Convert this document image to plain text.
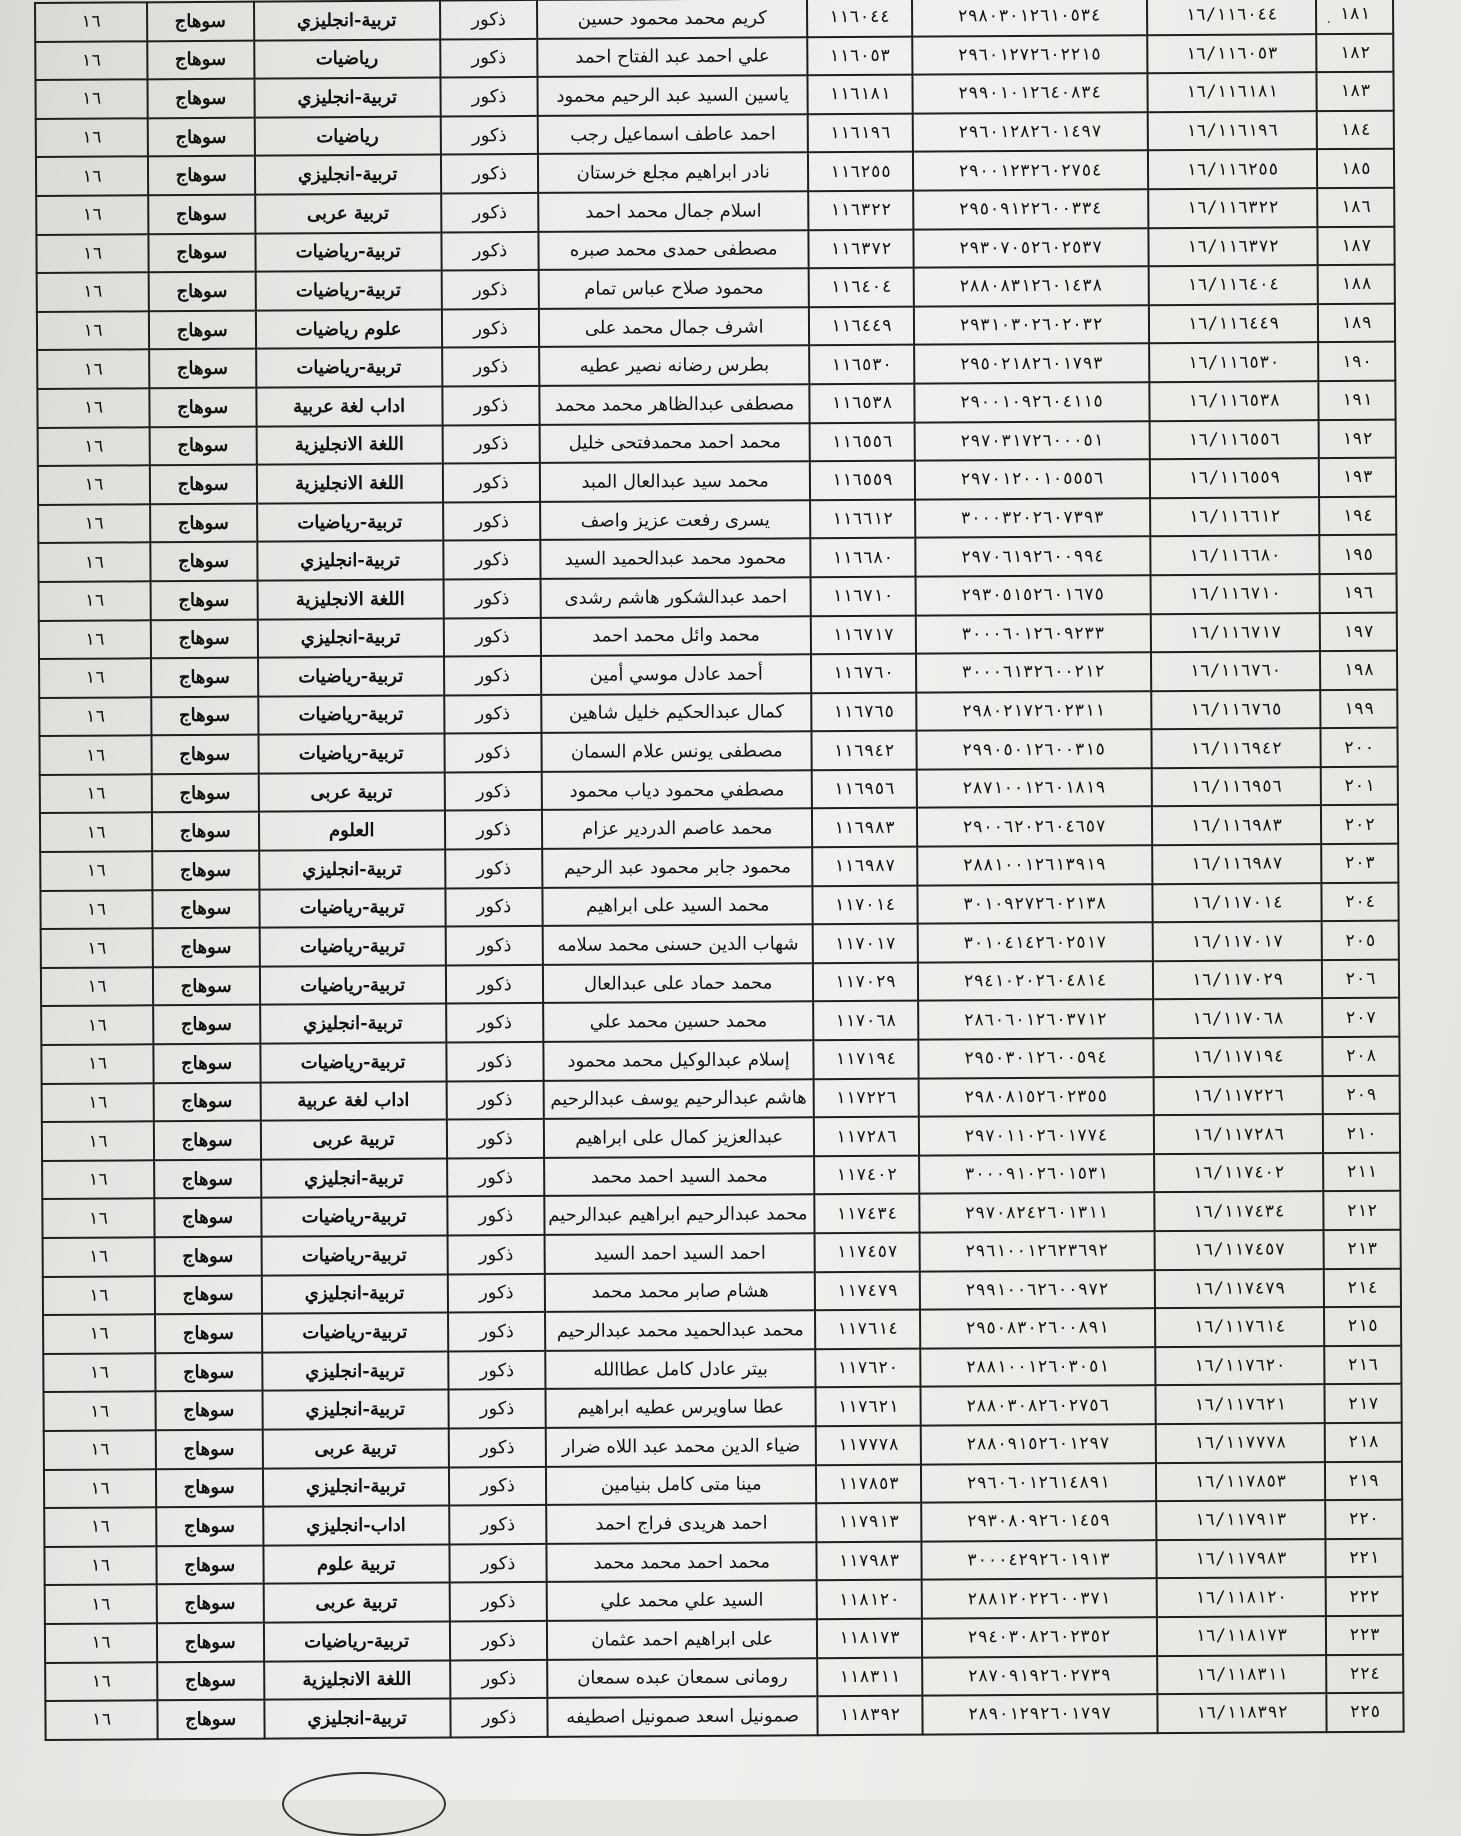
٠ ١٨١	١٦/١١٦٠٤٤	٢٩٨٠٣٠١٢٦١٠٥٣٤	١١٦٠٤٤	كريم محمد محمود حسين	ذكور	تربية-انجليزي	سوهاج	١٦
١٨٢	١٦/١١٦٠٥٣	٢٩٦٠١٢٧٢٦٠٢٢١٥	١١٦٠٥٣	علي احمد عبد الفتاح احمد	ذكور	رياضيات	سوهاج	١٦
١٨٣	١٦/١١٦١٨١	٢٩٩٠١٠١٢٦٤٠٨٣٤	١١٦١٨١	ياسين السيد عبد الرحيم محمود	ذكور	تربية-انجليزي	سوهاج	١٦
١٨٤	١٦/١١٦١٩٦	٢٩٦٠١٢٨٢٦٠١٤٩٧	١١٦١٩٦	احمد عاطف اسماعيل رجب	ذكور	رياضيات	سوهاج	١٦
١٨٥	١٦/١١٦٢٥٥	٢٩٠٠١٢٣٢٦٠٢٧٥٤	١١٦٢٥٥	نادر ابراهيم مجلع خرستان	ذكور	تربية-انجليزي	سوهاج	١٦
١٨٦	١٦/١١٦٣٢٢	٢٩٥٠٩١٢٢٦٠٠٣٣٤	١١٦٣٢٢	اسلام جمال محمد احمد	ذكور	تربية عربى	سوهاج	١٦
١٨٧	١٦/١١٦٣٧٢	٢٩٣٠٧٠٥٢٦٠٢٥٣٧	١١٦٣٧٢	مصطفى حمدى محمد صبره	ذكور	تربية-رياضيات	سوهاج	١٦
١٨٨	١٦/١١٦٤٠٤	٢٨٨٠٨٣١٢٦٠١٤٣٨	١١٦٤٠٤	محمود صلاح عباس تمام	ذكور	تربية-رياضيات	سوهاج	١٦
١٨٩	١٦/١١٦٤٤٩	٢٩٣١٠٣٠٢٦٠٢٠٣٢	١١٦٤٤٩	اشرف جمال محمد على	ذكور	علوم رياضيات	سوهاج	١٦
١٩٠	١٦/١١٦٥٣٠	٢٩٥٠٢١٨٢٦٠١٧٩٣	١١٦٥٣٠	بطرس رضانه نصير عطيه	ذكور	تربية-رياضيات	سوهاج	١٦
١٩١	١٦/١١٦٥٣٨	٢٩٠٠١٠٩٢٦٠٤١١٥	١١٦٥٣٨	مصطفى عبدالظاهر محمد محمد	ذكور	اداب لغة عربية	سوهاج	١٦
١٩٢	١٦/١١٦٥٥٦	٢٩٧٠٣١٧٢٦٠٠٠٥١	١١٦٥٥٦	محمد احمد محمدفتحى خليل	ذكور	اللغة الانجليزية	سوهاج	١٦
١٩٣	١٦/١١٦٥٥٩	٢٩٧٠١٢٠٠١٠٥٥٥٦	١١٦٥٥٩	محمد سيد عبدالعال المبد	ذكور	اللغة الانجليزية	سوهاج	١٦
١٩٤	١٦/١١٦٦١٢	٣٠٠٠٣٢٠٢٦٠٧٣٩٣	١١٦٦١٢	يسرى رفعت عزيز واصف	ذكور	تربية-رياضيات	سوهاج	١٦
١٩٥	١٦/١١٦٦٨٠	٢٩٧٠٦١٩٢٦٠٠٩٩٤	١١٦٦٨٠	محمود محمد عبدالحميد السيد	ذكور	تربية-انجليزي	سوهاج	١٦
١٩٦	١٦/١١٦٧١٠	٢٩٣٠٥١٥٢٦٠١٦٧٥	١١٦٧١٠	احمد عبدالشكور هاشم رشدى	ذكور	اللغة الانجليزية	سوهاج	١٦
١٩٧	١٦/١١٦٧١٧	٣٠٠٠٦٠١٢٦٠٩٢٣٣	١١٦٧١٧	محمد وائل محمد احمد	ذكور	تربية-انجليزي	سوهاج	١٦
١٩٨	١٦/١١٦٧٦٠	٣٠٠٠٦١٣٢٦٠٠٢١٢	١١٦٧٦٠	أحمد عادل موسي أمين	ذكور	تربية-رياضيات	سوهاج	١٦
١٩٩	١٦/١١٦٧٦٥	٢٩٨٠٢١٧٢٦٠٢٣١١	١١٦٧٦٥	كمال عبدالحكيم خليل شاهين	ذكور	تربية-رياضيات	سوهاج	١٦
٢٠٠	١٦/١١٦٩٤٢	٢٩٩٠٥٠١٢٦٠٠٣١٥	١١٦٩٤٢	مصطفى يونس علام السمان	ذكور	تربية-رياضيات	سوهاج	١٦
٢٠١	١٦/١١٦٩٥٦	٢٨٧١٠٠١٢٦٠١٨١٩	١١٦٩٥٦	مصطفي محمود دياب محمود	ذكور	تربية عربى	سوهاج	١٦
٢٠٢	١٦/١١٦٩٨٣	٢٩٠٠٦٢٠٢٦٠٤٦٥٧	١١٦٩٨٣	محمد عاصم الدردير عزام	ذكور	العلوم	سوهاج	١٦
٢٠٣	١٦/١١٦٩٨٧	٢٨٨١٠٠١٢٦١٣٩١٩	١١٦٩٨٧	محمود جابر محمود عبد الرحيم	ذكور	تربية-انجليزي	سوهاج	١٦
٢٠٤	١٦/١١٧٠١٤	٣٠١٠٩٢٧٢٦٠٢١٣٨	١١٧٠١٤	محمد السيد على ابراهيم	ذكور	تربية-رياضيات	سوهاج	١٦
٢٠٥	١٦/١١٧٠١٧	٣٠١٠٤١٤٢٦٠٢٥١٧	١١٧٠١٧	شهاب الدين حسنى محمد سلامه	ذكور	تربية-رياضيات	سوهاج	١٦
٢٠٦	١٦/١١٧٠٢٩	٢٩٤١٠٢٠٢٦٠٤٨١٤	١١٧٠٢٩	محمد حماد على عبدالعال	ذكور	تربية-رياضيات	سوهاج	١٦
٢٠٧	١٦/١١٧٠٦٨	٢٨٦٠٦٠١٢٦٠٣٧١٢	١١٧٠٦٨	محمد حسين محمد علي	ذكور	تربية-انجليزي	سوهاج	١٦
٢٠٨	١٦/١١٧١٩٤	٢٩٥٠٣٠١٢٦٠٠٥٩٤	١١٧١٩٤	إسلام عبدالوكيل محمد محمود	ذكور	تربية-رياضيات	سوهاج	١٦
٢٠٩	١٦/١١٧٢٢٦	٢٩٨٠٨١٥٢٦٠٢٣٥٥	١١٧٢٢٦	هاشم عبدالرحيم يوسف عبدالرحيم	ذكور	اداب لغة عربية	سوهاج	١٦
٢١٠	١٦/١١٧٢٨٦	٢٩٧٠١١٠٢٦٠١٧٧٤	١١٧٢٨٦	عبدالعزيز كمال على ابراهيم	ذكور	تربية عربى	سوهاج	١٦
٢١١	١٦/١١٧٤٠٢	٣٠٠٠٩١٠٢٦٠١٥٣١	١١٧٤٠٢	محمد السيد احمد محمد	ذكور	تربية-انجليزي	سوهاج	١٦
٢١٢	١٦/١١٧٤٣٤	٢٩٧٠٨٢٤٢٦٠١٣١١	١١٧٤٣٤	محمد عبدالرحيم ابراهيم عبدالرحيم	ذكور	تربية-رياضيات	سوهاج	١٦
٢١٣	١٦/١١٧٤٥٧	٢٩٦١٠٠١٢٦٢٣٦٩٢	١١٧٤٥٧	احمد السيد احمد السيد	ذكور	تربية-رياضيات	سوهاج	١٦
٢١٤	١٦/١١٧٤٧٩	٢٩٩١٠٠٦٢٦٠٠٩٧٢	١١٧٤٧٩	هشام صابر محمد محمد	ذكور	تربية-انجليزي	سوهاج	١٦
٢١٥	١٦/١١٧٦١٤	٢٩٥٠٨٣٠٢٦٠٠٨٩١	١١٧٦١٤	محمد عبدالحميد محمد عبدالرحيم	ذكور	تربية-رياضيات	سوهاج	١٦
٢١٦	١٦/١١٧٦٢٠	٢٨٨١٠٠١٢٦٠٣٠٥١	١١٧٦٢٠	بيتر عادل كامل عطاالله	ذكور	تربية-انجليزي	سوهاج	١٦
٢١٧	١٦/١١٧٦٢١	٢٨٨٠٣٠٨٢٦٠٢٧٥٦	١١٧٦٢١	عطا ساويرس عطيه ابراهيم	ذكور	تربية-انجليزي	سوهاج	١٦
٢١٨	١٦/١١٧٧٧٨	٢٨٨٠٩١٥٢٦٠١٢٩٧	١١٧٧٧٨	ضياء الدين محمد عبد اللاه ضرار	ذكور	تربية عربى	سوهاج	١٦
٢١٩	١٦/١١٧٨٥٣	٢٩٦٠٦٠١٢٦١٤٨٩١	١١٧٨٥٣	مينا متى كامل بنيامين	ذكور	تربية-انجليزي	سوهاج	١٦
٢٢٠	١٦/١١٧٩١٣	٢٩٣٠٨٠٩٢٦٠١٤٥٩	١١٧٩١٣	احمد هريدى فراج احمد	ذكور	اداب-انجليزي	سوهاج	١٦
٢٢١	١٦/١١٧٩٨٣	٣٠٠٠٤٢٩٢٦٠١٩١٣	١١٧٩٨٣	محمد احمد محمد محمد	ذكور	تربية علوم	سوهاج	١٦
٢٢٢	١٦/١١٨١٢٠	٢٨٨١٢٠٢٢٦٠٠٣٧١	١١٨١٢٠	السيد علي محمد علي	ذكور	تربية عربى	سوهاج	١٦
٢٢٣	١٦/١١٨١٧٣	٢٩٤٠٣٠٨٢٦٠٢٣٥٢	١١٨١٧٣	على ابراهيم احمد عثمان	ذكور	تربية-رياضيات	سوهاج	١٦
٢٢٤	١٦/١١٨٣١١	٢٨٧٠٩١٩٢٦٠٢٧٣٩	١١٨٣١١	رومانى سمعان عبده سمعان	ذكور	اللغة الانجليزية	سوهاج	١٦
٢٢٥	١٦/١١٨٣٩٢	٢٨٩٠١٢٩٢٦٠١٧٩٧	١١٨٣٩٢	صمونيل اسعد صمونيل اصطيفه	ذكور	تربية-انجليزي	سوهاج	١٦
